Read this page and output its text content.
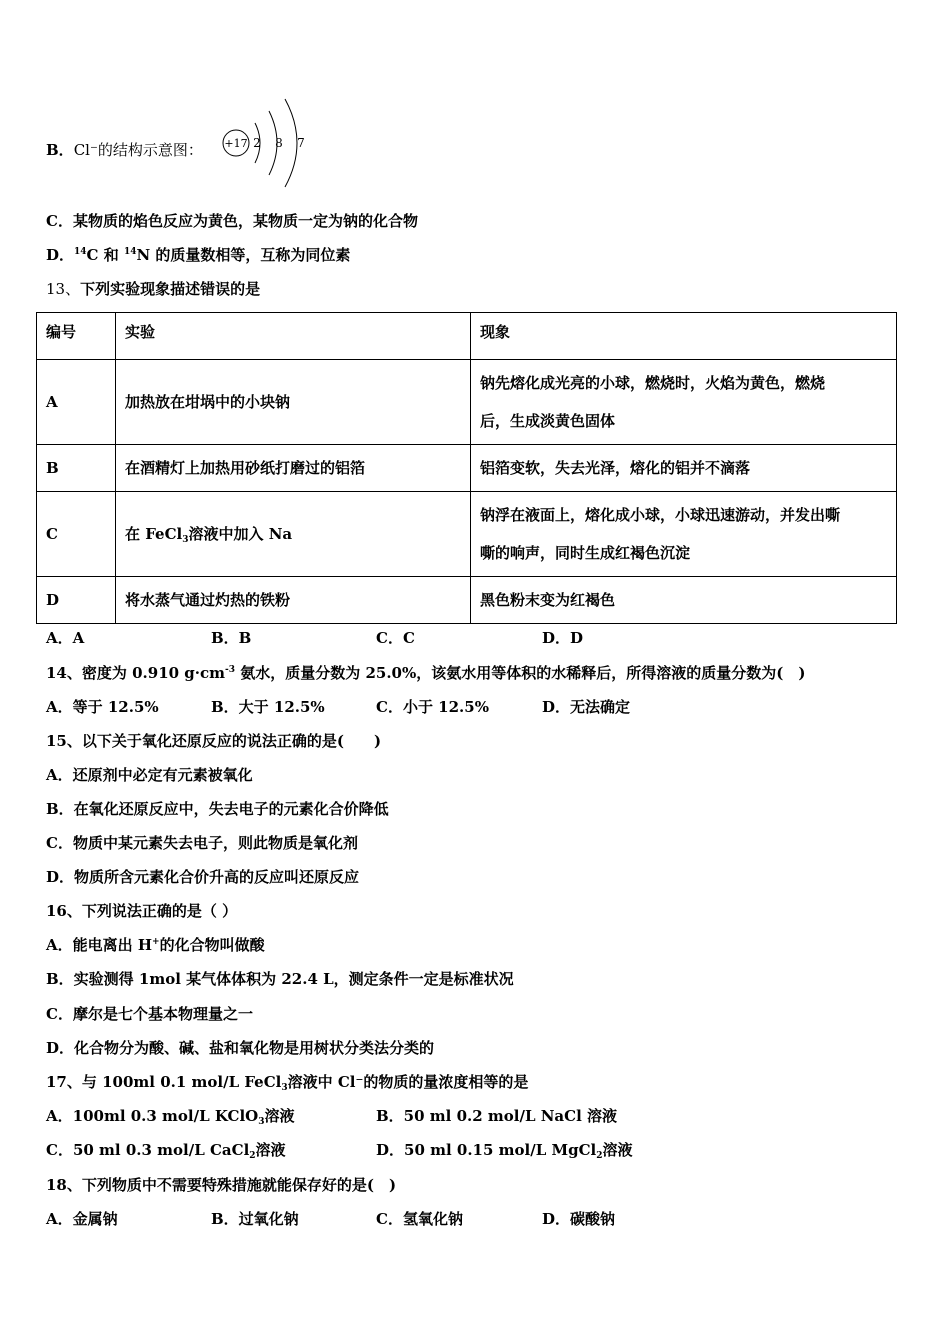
B．Cl⁻的结构示意图： +17 2 8 7
C．某物质的焰色反应为黄色，某物质一定为钠的化合物
D．$^{14}$C 和 $^{14}$N 的质量数相等，互称为同位素
13、下列实验现象描述错误的是
编号	实验	现象
A	加热放在坩埚中的小块钠	钠先熔化成光亮的小球，燃烧时，火焰为黄色，燃烧
后，生成淡黄色固体

B	在酒精灯上加热用砂纸打磨过的铝箔	铝箔变软，失去光泽，熔化的铝并不滴落
C	在 FeCl$_3$溶液中加入 Na	钠浮在液面上，熔化成小球，小球迅速游动，并发出嘶
嘶的响声，同时生成红褐色沉淀

D	将水蒸气通过灼热的铁粉	黑色粉末变为红褐色
A．A	B．B	C．C	D．D
14、密度为 0.910 $g\cdot cm^{-3}$ 氨水，质量分数为 25.0%，该氨水用等体积的水稀释后，所得溶液的质量分数为(　)
A．等于 12.5%	B．大于 12.5%	C．小于 12.5%	D．无法确定
15、以下关于氧化还原反应的说法正确的是(　　)
A．还原剂中必定有元素被氧化
B．在氧化还原反应中，失去电子的元素化合价降低
C．物质中某元素失去电子，则此物质是氧化剂
D．物质所含元素化合价升高的反应叫还原反应
16、下列说法正确的是（ ）
A．能电离出 H+的化合物叫做酸
B．实验测得 1mol 某气体体积为 22.4 L，测定条件一定是标准状况
C．摩尔是七个基本物理量之一
D．化合物分为酸、碱、盐和氧化物是用树状分类法分类的
17、与 100ml 0.1 mol/L FeCl$_3$溶液中 Cl⁻的物质的量浓度相等的是
A．100ml 0.3 mol/L KClO$_3$溶液	B．50 ml 0.2 mol/L NaCl 溶液
C．50 ml 0.3 mol/L CaCl$_2$溶液	D．50 ml 0.15 mol/L MgCl$_2$溶液
18、下列物质中不需要特殊措施就能保存好的是(　)
A．金属钠	B．过氧化钠	C．氢氧化钠	D．碳酸钠
